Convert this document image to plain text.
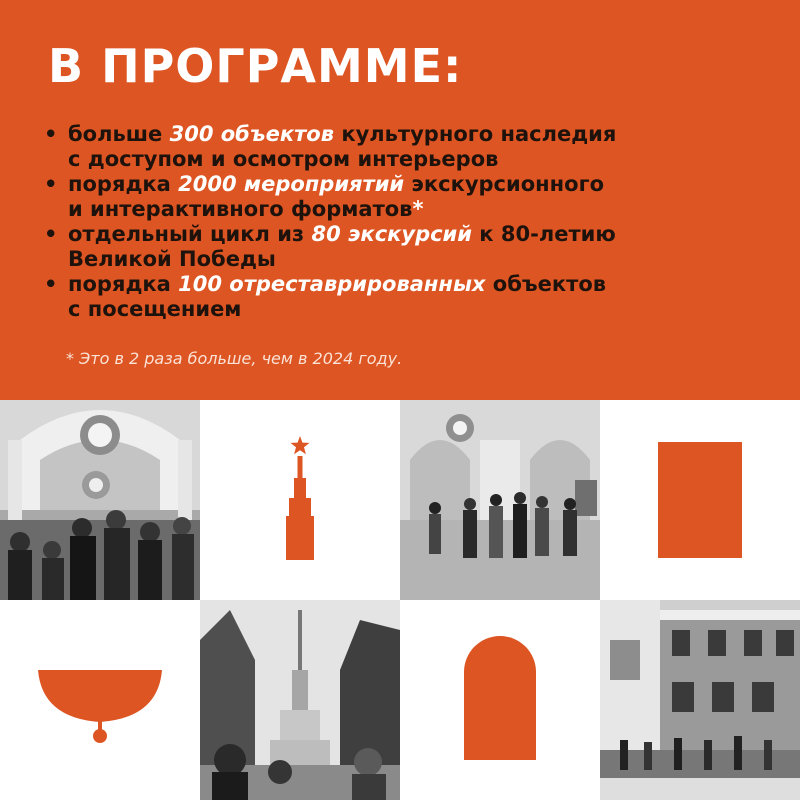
В ПРОГРАММЕ:
• больше 300 объектов культурного наследия
с доступом и осмотром интерьеров
• порядка 2000 мероприятий экскурсионного
и интерактивного форматов*
• отдельный цикл из 80 экскурсий к 80-летию
Великой Победы
• порядка 100 отреставрированных объектов
с посещением
* Это в 2 раза больше, чем в 2024 году.
